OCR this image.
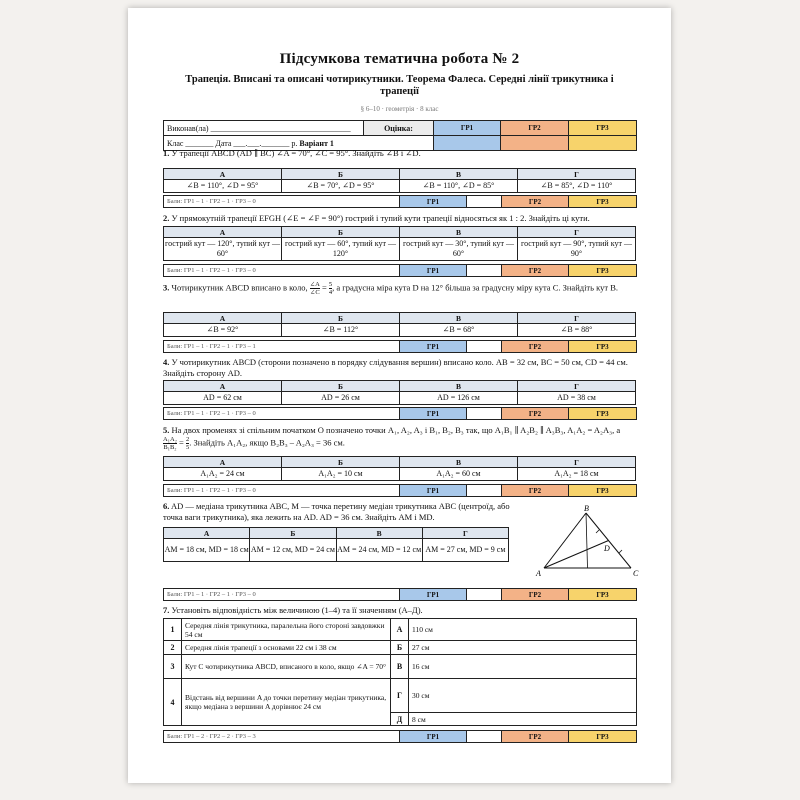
Підсумкова тематична робота № 2
Трапеція. Вписані та описані чотирикутники. Теорема Фалеса. Середні лінії трикутника і трапеції
§ 6–10 · геометрія · 8 клас
Виконав(ла) ___________________________________	Оцінка:	ГР1	ГР2	ГР3
Клас _______ Дата ___.___._______ р. Варіант 1				
1. У трапеції ABCD (AD ∥ BC) ∠A = 70°, ∠C = 95°. Знайдіть ∠B і ∠D.
А	Б	В	Г
∠B = 110°, ∠D = 95°	∠B = 70°, ∠D = 95°	∠B = 110°, ∠D = 85°	∠B = 85°, ∠D = 110°
Бали: ГР1 – 1 · ГР2 – 1 · ГР3 – 0		ГР1		ГР2	ГР3
2. У прямокутній трапеції EFGH (∠E = ∠F = 90°) гострий і тупий кути трапеції відносяться як 1 : 2. Знайдіть ці кути.
А	Б	В	Г
гострий кут — 120°, тупий кут — 60°	гострий кут — 60°, тупий кут — 120°	гострий кут — 30°, тупий кут — 60°	гострий кут — 90°, тупий кут — 90°
Бали: ГР1 – 1 · ГР2 – 1 · ГР3 – 0		ГР1		ГР2	ГР3
3. Чотирикутник ABCD вписано в коло, $\frac{\angle A}{\angle C} = \frac{5}{4}$ , а градусна міра кута D на 12° більша за градусну міру кута C. Знайдіть кут B.
А	Б	В	Г
∠B = 92°	∠B = 112°	∠B = 68°	∠B = 88°
Бали: ГР1 – 1 · ГР2 – 1 · ГР3 – 1		ГР1		ГР2	ГР3
4. У чотирикутник ABCD (сторони позначено в порядку слідування вершин) вписано коло. AB = 32 см, BC = 50 см, CD = 44 см. Знайдіть сторону AD.
А	Б	В	Г
AD = 62 см	AD = 26 см	AD = 126 см	AD = 38 см
Бали: ГР1 – 1 · ГР2 – 1 · ГР3 – 0		ГР1		ГР2	ГР3
5. На двох променях зі спільним початком O позначено точки A₁, A₂, A₃ і B₁, B₂, B₃ так, що A₁B₁ ∥ A₂B₂ ∥ A₃B₃, A₁A₂ = A₂A₃, а
$\frac{\text{A₁A₂}}{\text{B₁B₂}} = \frac{2}{5}$ . Знайдіть A₁A₂, якщо B₂B₃ – A₂A₃ = 36 см.
А	Б	В	Г
A₁A₂ = 24 см	A₁A₂ = 10 см	A₁A₂ = 60 см	A₁A₂ = 18 см
Бали: ГР1 – 1 · ГР2 – 1 · ГР3 – 0		ГР1		ГР2	ГР3
6. AD — медіана трикутника ABC, M — точка перетину медіан трикутника ABC (центроїд, або точка ваги трикутника), яка лежить на AD. AD = 36 см. Знайдіть AM і MD.
А	Б	В	Г
AM = 18 см, MD = 18 см	AM = 12 см, MD = 24 см	AM = 24 см, MD = 12 см	AM = 27 см, MD = 9 см
A
B
C
D
Бали: ГР1 – 1 · ГР2 – 1 · ГР3 – 0		ГР1		ГР2	ГР3
7. Установіть відповідність між величиною (1–4) та її значенням (А–Д).
1	Середня лінія трикутника, паралельна його стороні завдовжки 54 см	А	110 см
2	Середня лінія трапеції з основами 22 см і 38 см	Б	27 см
3	Кут C чотирикутника ABCD, вписаного в коло, якщо ∠A = 70°	В	16 см
4	Відстань від вершини A до точки перетину медіан трикутника, якщо медіана з вершини A дорівнює 24 см	Г	30 см
		Д	8 см
Бали: ГР1 – 2 · ГР2 – 2 · ГР3 – 3		ГР1		ГР2	ГР3
